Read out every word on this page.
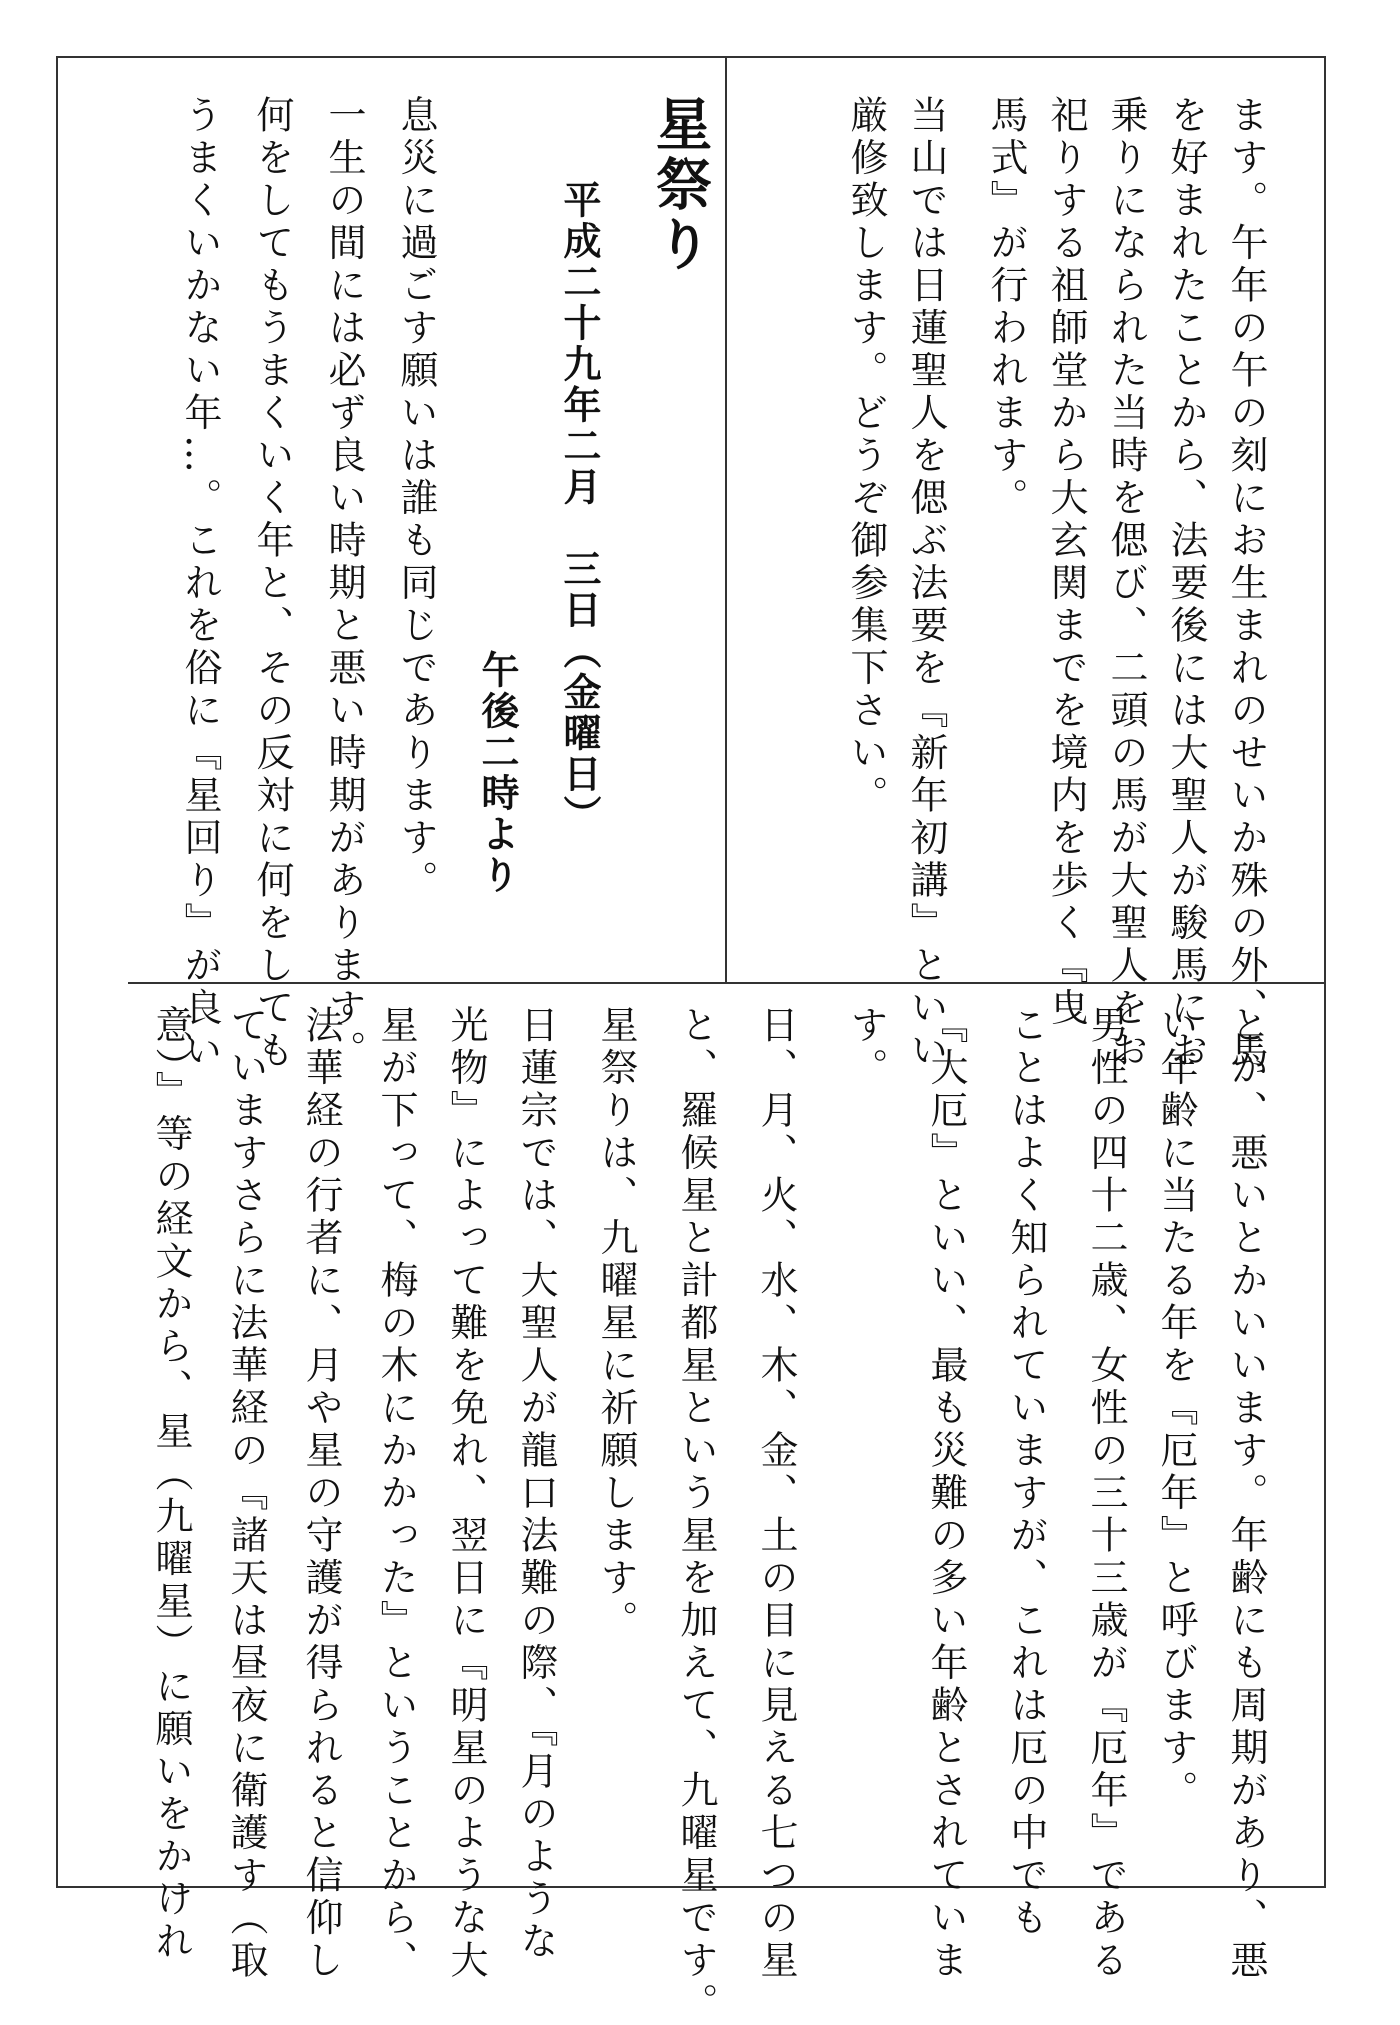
ます。午年の午の刻にお生まれのせいか殊の外、馬
を好まれたことから、法要後には大聖人が駿馬にお
乗りになられた当時を偲び、二頭の馬が大聖人をお
祀りする祖師堂から大玄関までを境内を歩く『曳
馬式』が行われます。
当山では日蓮聖人を偲ぶ法要を『新年初講』といい
厳修致します。どうぞ御参集下さい。
星祭り
平成二十九年二月　三日（金曜日）
午後二時より
息災に過ごす願いは誰も同じであります。
一生の間には必ず良い時期と悪い時期があります。
何をしてもうまくいく年と、その反対に何をしても
うまくいかない年…。これを俗に『星回り』が良い
とか、悪いとかいいます。年齢にも周期があり、悪
い年齢に当たる年を『厄年』と呼びます。
男性の四十二歳、女性の三十三歳が『厄年』である
ことはよく知られていますが、これは厄の中でも
『大厄』といい、最も災難の多い年齢とされていま
す。
日、月、火、水、木、金、土の目に見える七つの星
と、羅候星と計都星という星を加えて、九曜星です。
星祭りは、九曜星に祈願します。
日蓮宗では、大聖人が龍口法難の際、『月のような
光物』によって難を免れ、翌日に『明星のような大
星が下って、梅の木にかかった』ということから、
法華経の行者に、月や星の守護が得られると信仰し
ていますさらに法華経の『諸天は昼夜に衛護す（取
意）』等の経文から、星（九曜星）に願いをかけれ
